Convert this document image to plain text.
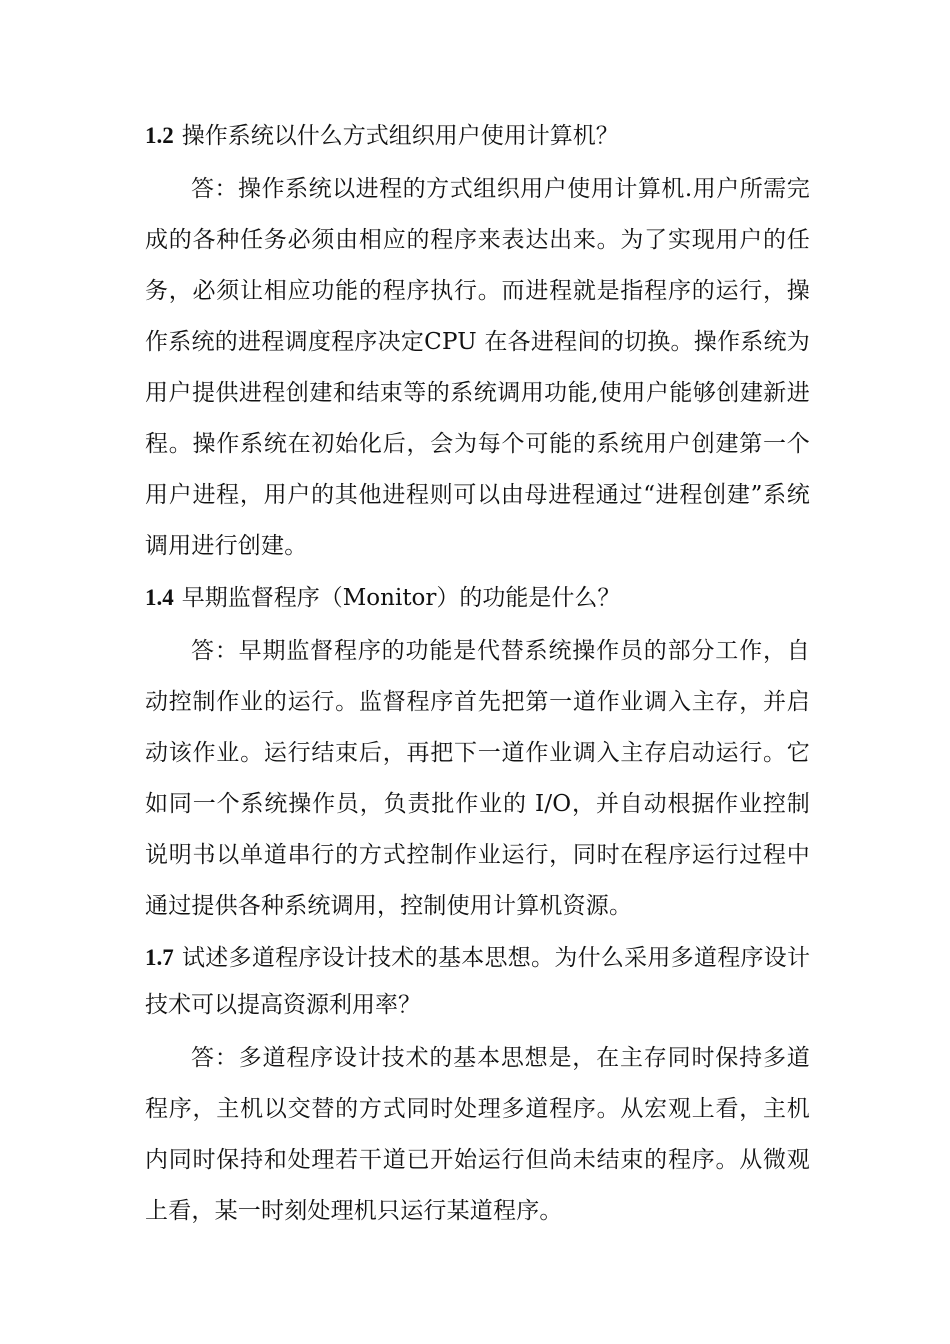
1.2 操作系统以什么方式组织用户使用计算机？

答：操作系统以进程的方式组织用户使用计算机.用户所需完成的各种任务必须由相应的程序来表达出来。为了实现用户的任务，必须让相应功能的程序执行。而进程就是指程序的运行，操作系统的进程调度程序决定CPU 在各进程间的切换。操作系统为用户提供进程创建和结束等的系统调用功能,使用户能够创建新进程。操作系统在初始化后，会为每个可能的系统用户创建第一个用户进程，用户的其他进程则可以由母进程通过“进程创建”系统调用进行创建。

1.4 早期监督程序（Monitor）的功能是什么？

答：早期监督程序的功能是代替系统操作员的部分工作，自动控制作业的运行。监督程序首先把第一道作业调入主存，并启动该作业。运行结束后，再把下一道作业调入主存启动运行。它如同一个系统操作员，负责批作业的 I/O，并自动根据作业控制说明书以单道串行的方式控制作业运行，同时在程序运行过程中通过提供各种系统调用，控制使用计算机资源。

1.7 试述多道程序设计技术的基本思想。为什么采用多道程序设计技术可以提高资源利用率？

答：多道程序设计技术的基本思想是，在主存同时保持多道程序，主机以交替的方式同时处理多道程序。从宏观上看，主机内同时保持和处理若干道已开始运行但尚未结束的程序。从微观上看，某一时刻处理机只运行某道程序。
